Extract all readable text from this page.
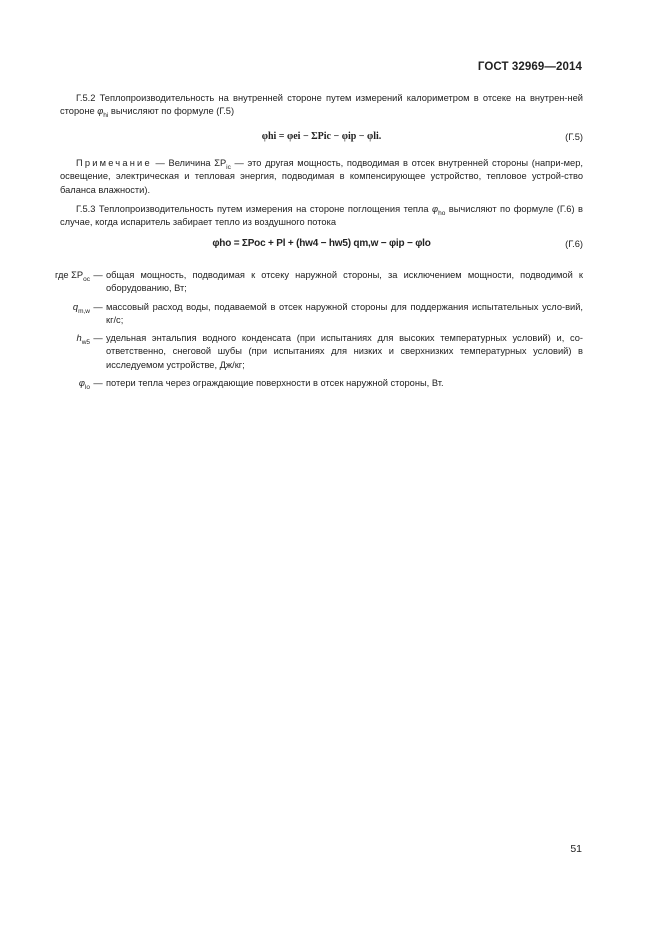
ГОСТ 32969—2014
Г.5.2 Теплопроизводительность на внутренней стороне путем измерений калориметром в отсеке на внутрен-ней стороне $\varphi_{hi}$ вычисляют по формуле (Г.5)
φhi = φei − ΣPic − φip − φli.	(Г.5)
Примечание — Величина $\Sigma P_{ic}$ — это другая мощность, подводимая в отсек внутренней стороны (напри-мер, освещение, электрическая и тепловая энергия, подводимая в компенсирующее устройство, тепловое устрой-ство баланса влажности).
Г.5.3 Теплопроизводительность путем измерения на стороне поглощения тепла $\varphi_{ho}$ вычисляют по формуле (Г.6) в случае, когда испаритель забирает тепло из воздушного потока
φho = ΣPoc + Pl + (hw4 − hw5) qm,w − φip − φlo	(Г.6)
где $\Sigma P_{oc}$ — общая мощность, подводимая к отсеку наружной стороны, за исключением мощности, подводимой к оборудованию, Вт;
$q_{m,w}$ — массовый расход воды, подаваемой в отсек наружной стороны для поддержания испытательных усло-вий, кг/с;
$h_{w5}$ — удельная энтальпия водного конденсата (при испытаниях для высоких температурных условий) и, со-ответственно, снеговой шубы (при испытаниях для низких и сверхнизких температурных условий) в исследуемом устройстве, Дж/кг;
$\varphi_{lo}$ — потери тепла через ограждающие поверхности в отсек наружной стороны, Вт.
51
